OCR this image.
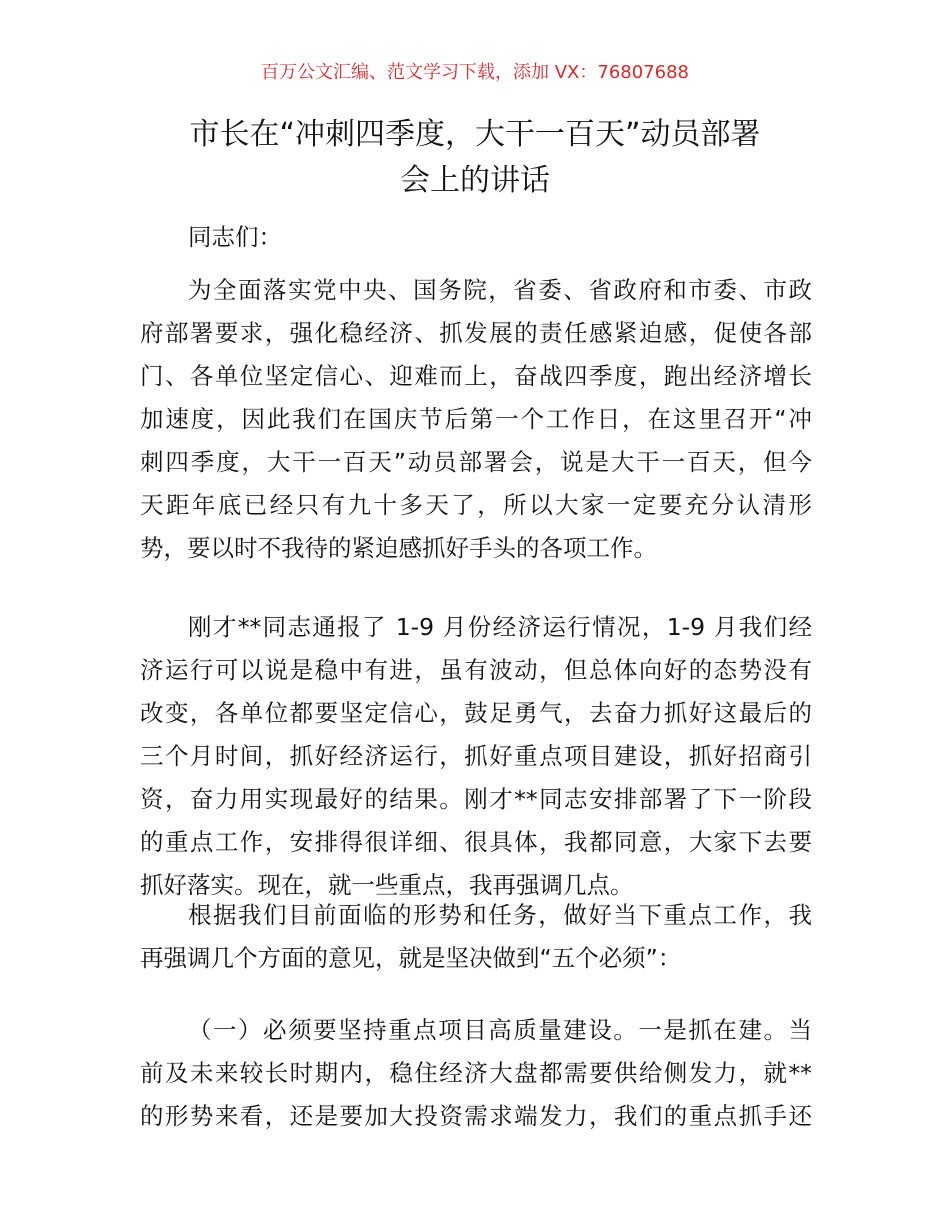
百万公文汇编、范文学习下载，添加 VX：76807688
市长在“冲刺四季度，大干一百天”动员部署
会上的讲话
同志们：
为全面落实党中央、国务院，省委、省政府和市委、市政
府部署要求，强化稳经济、抓发展的责任感紧迫感，促使各部
门、各单位坚定信心、迎难而上，奋战四季度，跑出经济增长
加速度，因此我们在国庆节后第一个工作日，在这里召开“冲
刺四季度，大干一百天”动员部署会，说是大干一百天，但今
天距年底已经只有九十多天了，所以大家一定要充分认清形
势，要以时不我待的紧迫感抓好手头的各项工作。
刚才**同志通报了 1-9 月份经济运行情况，1-9 月我们经
济运行可以说是稳中有进，虽有波动，但总体向好的态势没有
改变，各单位都要坚定信心，鼓足勇气，去奋力抓好这最后的
三个月时间，抓好经济运行，抓好重点项目建设，抓好招商引
资，奋力用实现最好的结果。刚才**同志安排部署了下一阶段
的重点工作，安排得很详细、很具体，我都同意，大家下去要
抓好落实。现在，就一些重点，我再强调几点。
根据我们目前面临的形势和任务，做好当下重点工作，我
再强调几个方面的意见，就是坚决做到“五个必须”：
（一）必须要坚持重点项目高质量建设。一是抓在建。当
前及未来较长时期内，稳住经济大盘都需要供给侧发力，就**
的形势来看，还是要加大投资需求端发力，我们的重点抓手还
